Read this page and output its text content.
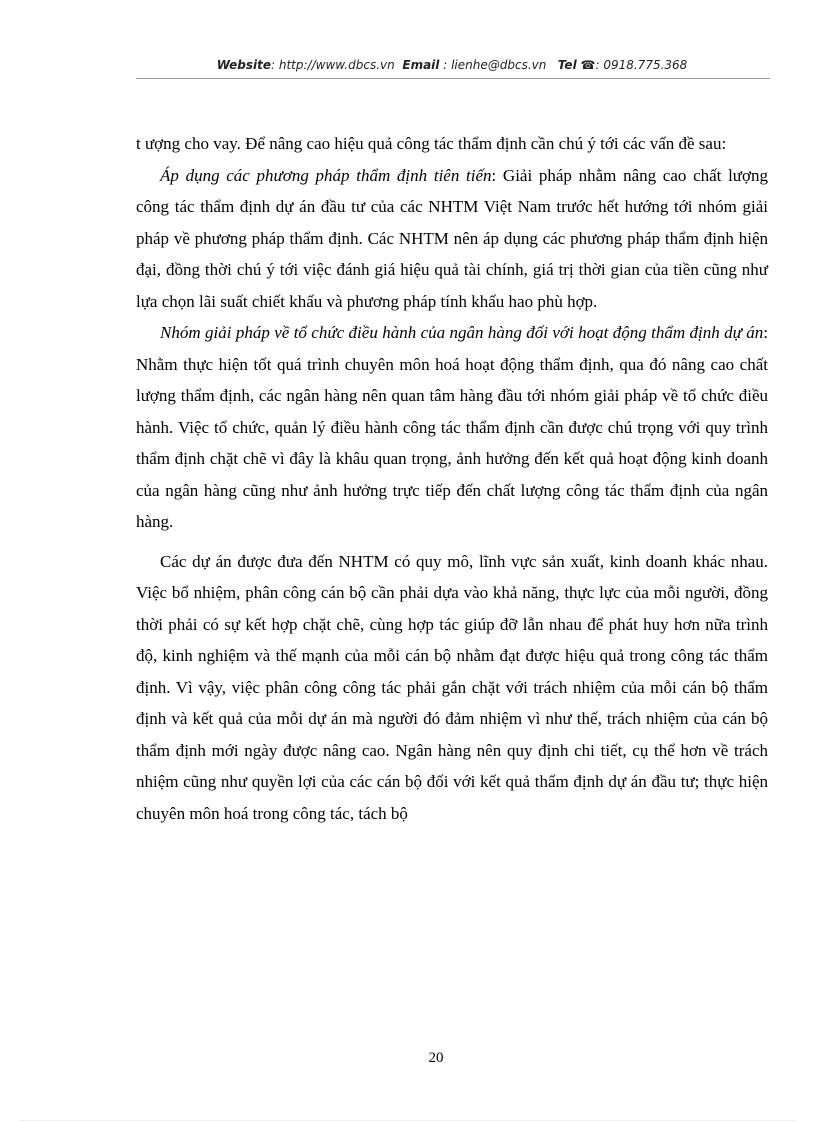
Website: http://www.dbcs.vn Email : lienhe@dbcs.vn Tel ☎: 0918.775.368

t ượng cho vay. Để nâng cao hiệu quả công tác thẩm định cần chú ý tới các vấn đề sau:

Áp dụng các phương pháp thẩm định tiên tiến: Giải pháp nhằm nâng cao chất lượng công tác thẩm định dự án đầu tư của các NHTM Việt Nam trước hết hướng tới nhóm giải pháp về phương pháp thẩm định. Các NHTM nên áp dụng các phương pháp thẩm định hiện đại, đồng thời chú ý tới việc đánh giá hiệu quả tài chính, giá trị thời gian của tiền cũng như lựa chọn lãi suất chiết khấu và phương pháp tính khấu hao phù hợp.

Nhóm giải pháp về tổ chức điều hành của ngân hàng đối với hoạt động thẩm định dự án: Nhằm thực hiện tốt quá trình chuyên môn hoá hoạt động thẩm định, qua đó nâng cao chất lượng thẩm định, các ngân hàng nên quan tâm hàng đầu tới nhóm giải pháp về tổ chức điều hành. Việc tổ chức, quản lý điều hành công tác thẩm định cần được chú trọng với quy trình thẩm định chặt chẽ vì đây là khâu quan trọng, ảnh hưởng đến kết quả hoạt động kinh doanh của ngân hàng cũng như ảnh hưởng trực tiếp đến chất lượng công tác thẩm định của ngân hàng.

Các dự án được đưa đến NHTM có quy mô, lĩnh vực sản xuất, kinh doanh khác nhau. Việc bổ nhiệm, phân công cán bộ cần phải dựa vào khả năng, thực lực của mỗi người, đồng thời phải có sự kết hợp chặt chẽ, cùng hợp tác giúp đỡ lẫn nhau để phát huy hơn nữa trình độ, kinh nghiệm và thế mạnh của mỗi cán bộ nhằm đạt được hiệu quả trong công tác thẩm định. Vì vậy, việc phân công công tác phải gắn chặt với trách nhiệm của mỗi cán bộ thẩm định và kết quả của mỗi dự án mà người đó đảm nhiệm vì như thế, trách nhiệm của cán bộ thẩm định mới ngày được nâng cao. Ngân hàng nên quy định chi tiết, cụ thể hơn về trách nhiệm cũng như quyền lợi của các cán bộ đối với kết quả thẩm định dự án đầu tư; thực hiện chuyên môn hoá trong công tác, tách bộ

20
